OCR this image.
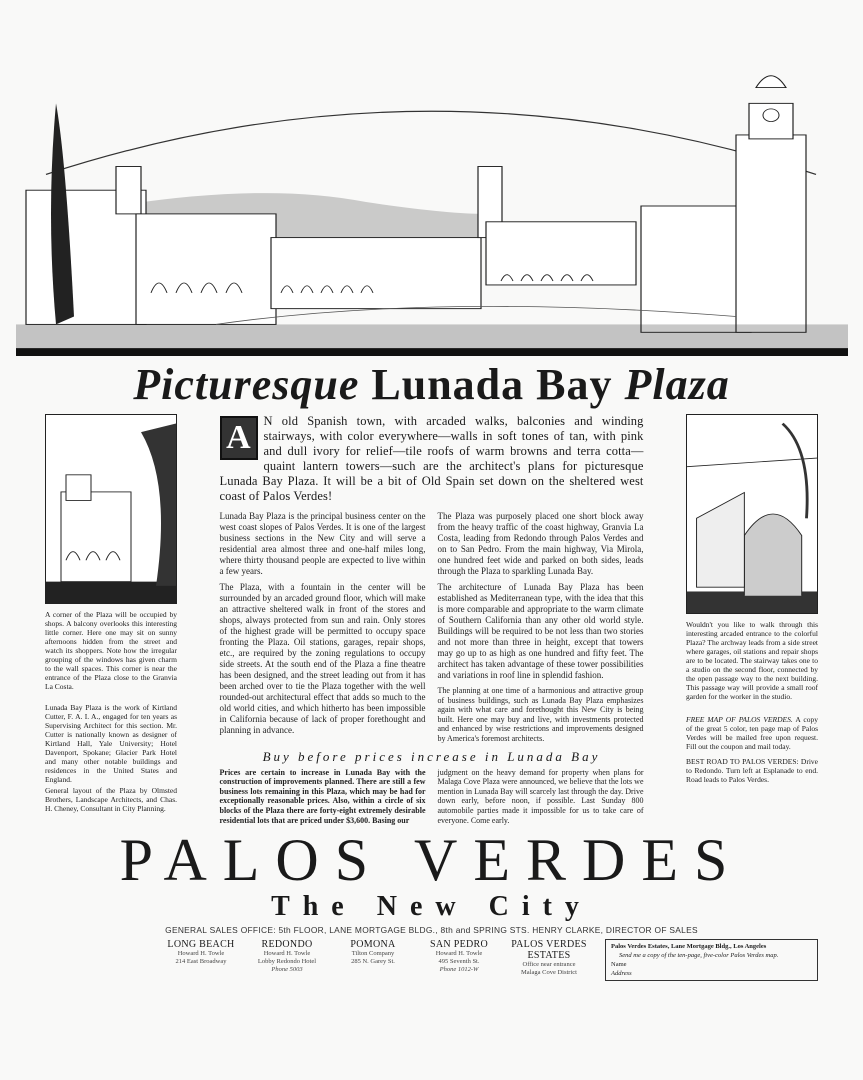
Picturesque Lunada Bay Plaza

A corner of the Plaza will be occupied by shops. A balcony overlooks this interesting little corner. Here one may sit on sunny afternoons hidden from the street and watch its shoppers. Note how the irregular grouping of the windows has given charm to the wall spaces. This corner is near the entrance of the Plaza close to the Granvia La Costa.

Lunada Bay Plaza is the work of Kirtland Cutter, F. A. I. A., engaged for ten years as Supervising Architect for this section. Mr. Cutter is nationally known as designer of Kirtland Hall, Yale University; Hotel Davenport, Spokane; Glacier Park Hotel and many other notable buildings and residences in the United States and England.

General layout of the Plaza by Olmsted Brothers, Landscape Architects, and Chas. H. Cheney, Consultant in City Planning.

A	N old Spanish town, with arcaded walks, balconies and winding stairways, with color everywhere—walls in soft tones of tan, with pink and dull ivory for relief—tile roofs of warm browns and terra cotta—quaint lantern towers—such are the architect's plans for picturesque Lunada Bay Plaza. It will be a bit of Old Spain set down on the sheltered west coast of Palos Verdes!

Lunada Bay Plaza is the principal business center on the west coast slopes of Palos Verdes. It is one of the largest business sections in the New City and will serve a residential area almost three and one-half miles long, where thirty thousand people are expected to live within a few years.

The Plaza, with a fountain in the center will be surrounded by an arcaded ground floor, which will make an attractive sheltered walk in front of the stores and shops, always protected from sun and rain. Only stores of the highest grade will be permitted to occupy space fronting the Plaza. Oil stations, garages, repair shops, etc., are required by the zoning regulations to occupy side streets. At the south end of the Plaza a fine theatre has been designed, and the street leading out from it has been arched over to tie the Plaza together with the well rounded-out architectural effect that adds so much to the old world cities, and which hitherto has been impossible in California because of lack of proper forethought and planning in advance.

The Plaza was purposely placed one short block away from the heavy traffic of the coast highway, Granvia La Costa, leading from Redondo through Palos Verdes and on to San Pedro. From the main highway, Via Mirola, one hundred feet wide and parked on both sides, leads through the Plaza to sparkling Lunada Bay.

The architecture of Lunada Bay Plaza has been established as Mediterranean type, with the idea that this is more comparable and appropriate to the warm climate of Southern California than any other old world style. Buildings will be required to be not less than two stories and not more than three in height, except that towers may go up to as high as one hundred and fifty feet. The architect has taken advantage of these tower possibilities and variations in roof line in splendid fashion.

The planning at one time of a harmonious and attractive group of business buildings, such as Lunada Bay Plaza emphasizes again with what care and forethought this New City is being built. Here one may buy and live, with investments protected and enhanced by wise restrictions and improvements designed by America's foremost architects.

Buy before prices increase in Lunada Bay

Prices are certain to increase in Lunada Bay with the construction of improvements planned. There are still a few business lots remaining in this Plaza, which may be had for exceptionally reasonable prices. Also, within a circle of six blocks of the Plaza there are forty-eight extremely desirable residential lots that are priced under $3,600. Basing our

judgment on the heavy demand for property when plans for Malaga Cove Plaza were announced, we believe that the lots we mention in Lunada Bay will scarcely last through the day. Drive down early, before noon, if possible. Last Sunday 800 automobile parties made it impossible for us to take care of everyone. Come early.

Wouldn't you like to walk through this interesting arcaded entrance to the colorful Plaza? The archway leads from a side street where garages, oil stations and repair shops are to be located. The stairway takes one to a studio on the second floor, connected by the open passage way to the next building. This passage way will provide a small roof garden for the worker in the studio.

FREE MAP OF PALOS VERDES. A copy of the great 5 color, ten page map of Palos Verdes will be mailed free upon request. Fill out the coupon and mail today.

BEST ROAD TO PALOS VERDES: Drive to Redondo. Turn left at Esplanade to end. Road leads to Palos Verdes.

PALOS VERDES
The New City
GENERAL SALES OFFICE: 5th FLOOR, LANE MORTGAGE BLDG., 8th and SPRING STS. HENRY CLARKE, DIRECTOR OF SALES
LONG BEACH
Howard H. Towle
214 East Broadway
REDONDO
Howard H. Towle
Lobby Redondo Hotel
Phone 5003
POMONA
Tilton Company
285 N. Garey St.
SAN PEDRO
Howard H. Towle
495 Seventh St.
Phone 1012-W
PALOS VERDES ESTATES
Office near entrance
Malaga Cove District
Palos Verdes Estates, Lane Mortgage Bldg., Los Angeles
Send me a copy of the ten-page, five-color Palos Verdes map.
Name
Address
